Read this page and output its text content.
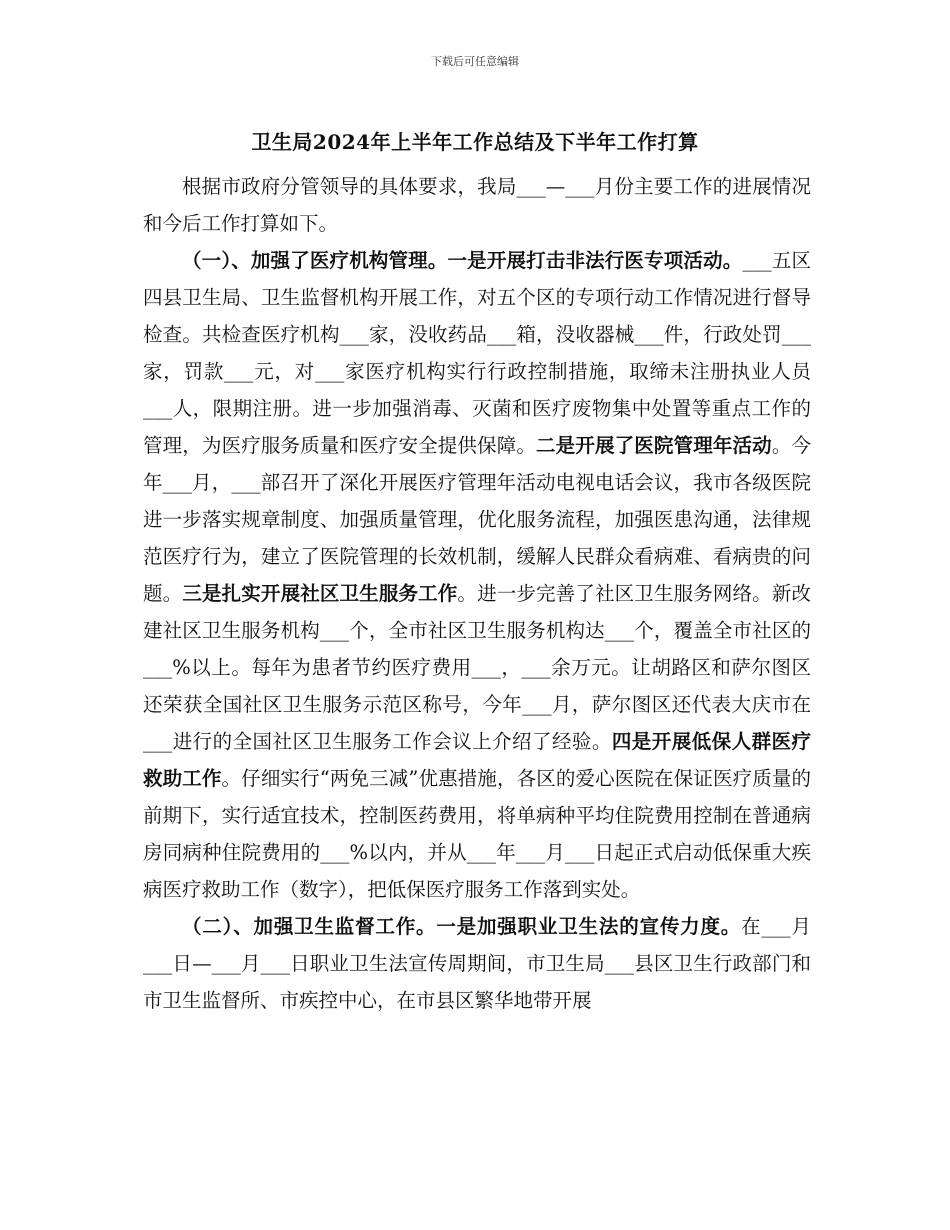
下载后可任意编辑
卫生局2024年上半年工作总结及下半年工作打算

根据市政府分管领导的具体要求，我局___—___月份主要工作的进展情况和今后工作打算如下。

（一）、加强了医疗机构管理。一是开展打击非法行医专项活动。___五区四县卫生局、卫生监督机构开展工作，对五个区的专项行动工作情况进行督导检查。共检查医疗机构___家，没收药品___箱，没收器械___件，行政处罚___家，罚款___元，对___家医疗机构实行行政控制措施，取缔未注册执业人员___人，限期注册。进一步加强消毒、灭菌和医疗废物集中处置等重点工作的管理，为医疗服务质量和医疗安全提供保障。二是开展了医院管理年活动。今年___月，___部召开了深化开展医疗管理年活动电视电话会议，我市各级医院进一步落实规章制度、加强质量管理，优化服务流程，加强医患沟通，法律规范医疗行为，建立了医院管理的长效机制，缓解人民群众看病难、看病贵的问题。三是扎实开展社区卫生服务工作。进一步完善了社区卫生服务网络。新改建社区卫生服务机构___个，全市社区卫生服务机构达___个，覆盖全市社区的___%以上。每年为患者节约医疗费用___，___余万元。让胡路区和萨尔图区还荣获全国社区卫生服务示范区称号，今年___月，萨尔图区还代表大庆市在___进行的全国社区卫生服务工作会议上介绍了经验。四是开展低保人群医疗救助工作。仔细实行“两免三减”优惠措施，各区的爱心医院在保证医疗质量的前期下，实行适宜技术，控制医药费用，将单病种平均住院费用控制在普通病房同病种住院费用的___%以内，并从___年___月___日起正式启动低保重大疾病医疗救助工作（数字），把低保医疗服务工作落到实处。

（二）、加强卫生监督工作。一是加强职业卫生法的宣传力度。在___月___日—___月___日职业卫生法宣传周期间，市卫生局___县区卫生行政部门和市卫生监督所、市疾控中心，在市县区繁华地带开展
